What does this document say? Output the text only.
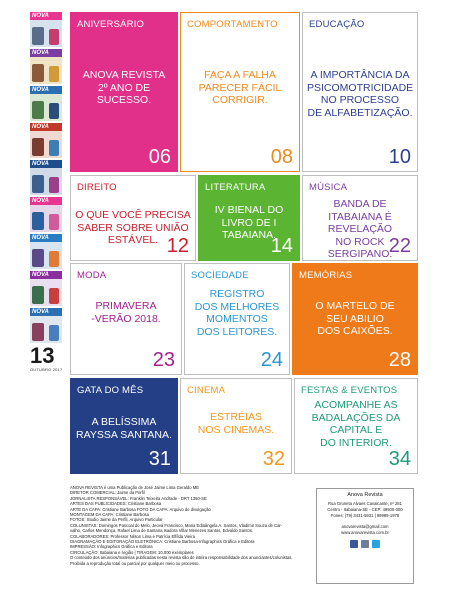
NOVA
NOVA
NOVA
NOVA
NOVA
NOVA
NOVA
NOVA
NOVA
13
OUTUBRO 2017
ANIVERSÁRIO
ANOVA REVISTA
2º ANO DE
SUCESSO.
06
COMPORTAMENTO
FAÇA A FALHA
PARECER FÁCIL
CORRIGIR.
08
EDUCAÇÃO
A IMPORTÂNCIA DA
PSICOMOTRICIDADE
NO PROCESSO
DE ALFABETIZAÇÃO.
10
DIREITO
O QUE VOCÊ PRECISA
SABER SOBRE UNIÃO
ESTÁVEL. 12
LITERATURA
IV BIENAL DO
LIVRO DE I
TABAIANA.
14
MÚSICA
BANDA DE
ITABAIANA É
REVELAÇÃO
NO ROCK
SERGIPANO.
22
MODA
PRIMAVERA
-VERÃO 2018.
23
SOCIEDADE
REGISTRO
DOS MELHORES
MOMENTOS
DOS LEITORES.
24
MEMÓRIAS
O MARTELO DE
SEU ABILIO
DOS CAIXÕES.
28
GATA DO MÊS
A BELÍSSIMA
RAYSSA SANTANA.
31
CINEMA
ESTRÉIAS
NOS CINEMAS.
32
FESTAS & EVENTOS
ACOMPANHE AS
BADALAÇÕES DA
CAPITAL E
DO INTERIOR.
34
ANOVA REVISTA é uma Publicação de José Jaime Lima Geraldo ME
DIRETOR COMERCIAL: Jaime da Perfil
JORNALISTA RESPONSÁVEL: Franklin Teixeira Andrade - DRT 1350-SE
ARTES DAS PUBLICIDADES: Cristiane Barbosa
ARTE DA CAPA: Cristiane Barbosa FOTO DA CAPA: Arquivo de divulgação
MONTAGEM DA CAPA: Cristiane Barbosa
FOTOS: Studio Jaime da Perfil, Arquivo Particular
COLUNISTAS: Domingos Pascoal do Melo, Jeová Francisco, Maria Edlaângela A. Santos, Vladimir Souza de Car-
valho, Carlos Mendonça, Rafael Lima de Santana,Isadora Villar Menezes Santos, Edvaldo Santos.
COLABORADORES: Professor Nilson Lima e Patrícia Elfílda Vieira
DIAGRAMAÇÃO E EDITORAÇÃO ELETRÔNICA: Cristiane Barbosa-Infographics Gráfica e Editora
IMPRESSÃO: Infographics Gráfica e Editora
CIRCULAÇÃO: Itabaiana e região | TIRAGEM: 10.000 exemplares
O conteúdo dos anúncios/matérias publicadas nesta revista são de inteira responsabilidade dos anunciantes/colunistas. Proibida a reprodução total ou parcial por qualquer meio ou processo.
Anova Revista
Rua Gruneta Alvaes Cavalcante, nº 281
Centro - Itabaiana-SE - CEP: 49500-000
Fones: (79) 3431-5931 | 99989-1978
anovarevista@gmail.com
www.anovarevista.com.br
